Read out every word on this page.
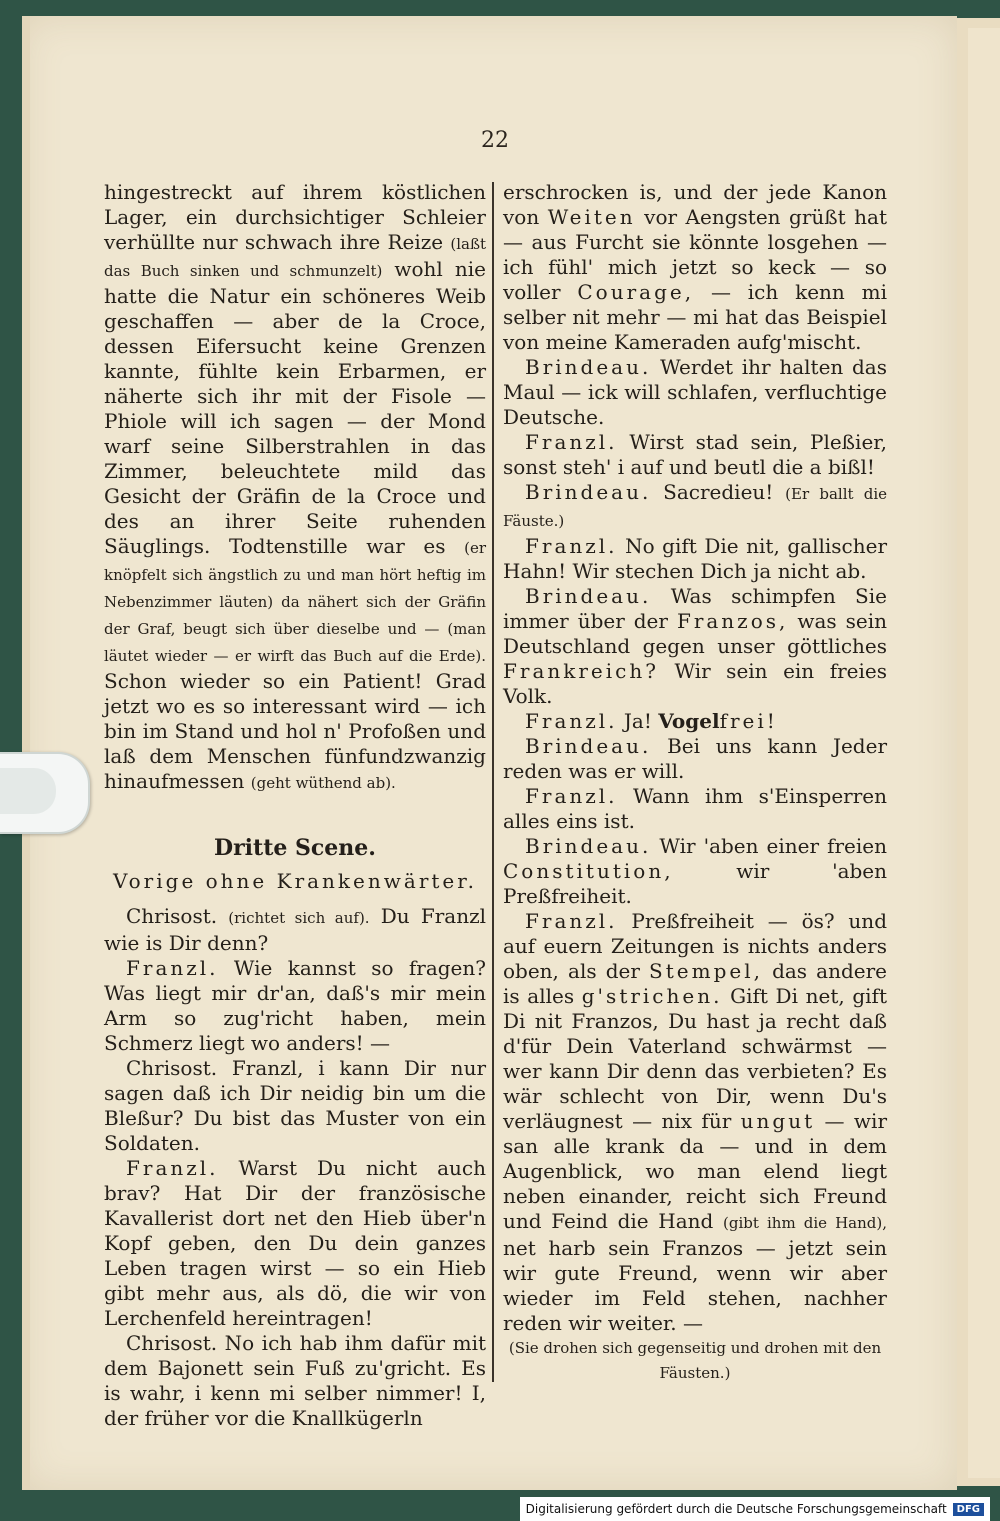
22

hingestreckt auf ihrem köstlichen Lager, ein durchsichtiger Schleier verhüllte nur schwach ihre Reize (laßt das Buch sinken und schmunzelt) wohl nie hatte die Natur ein schöneres Weib geschaffen — aber de la Croce, dessen Eifersucht keine Grenzen kannte, fühlte kein Erbarmen, er näherte sich ihr mit der Fisole — Phiole will ich sagen — der Mond warf seine Silberstrahlen in das Zimmer, beleuchtete mild das Gesicht der Gräfin de la Croce und des an ihrer Seite ruhenden Säuglings. Todtenstille war es (er knöpfelt sich ängstlich zu und man hört heftig im Nebenzimmer läuten) da nähert sich der Gräfin der Graf, beugt sich über dieselbe und — (man läutet wieder — er wirft das Buch auf die Erde). Schon wieder so ein Patient! Grad jetzt wo es so interessant wird — ich bin im Stand und hol n' Profoßen und laß dem Menschen fünfundzwanzig hinaufmessen (geht wüthend ab).

Dritte Scene.

Vorige ohne Krankenwärter.

Chrisost. (richtet sich auf). Du Franzl wie is Dir denn?

Franzl. Wie kannst so fragen? Was liegt mir dr'an, daß's mir mein Arm so zug'richt haben, mein Schmerz liegt wo anders! —

Chrisost. Franzl, i kann Dir nur sagen daß ich Dir neidig bin um die Bleßur? Du bist das Muster von ein Soldaten.

Franzl. Warst Du nicht auch brav? Hat Dir der französische Kavallerist dort net den Hieb über'n Kopf geben, den Du dein ganzes Leben tragen wirst — so ein Hieb gibt mehr aus, als dö, die wir von Lerchenfeld hereintragen!

Chrisost. No ich hab ihm dafür mit dem Bajonett sein Fuß zu'gricht. Es is wahr, i kenn mi selber nimmer! I, der früher vor die Knallkügerln

erschrocken is, und der jede Kanon von Weiten vor Aengsten grüßt hat — aus Furcht sie könnte losgehen — ich fühl' mich jetzt so keck — so voller Courage, — ich kenn mi selber nit mehr — mi hat das Beispiel von meine Kameraden aufg'mischt.

Brindeau. Werdet ihr halten das Maul — ick will schlafen, verfluchtige Deutsche.

Franzl. Wirst stad sein, Pleßier, sonst steh' i auf und beutl die a bißl!

Brindeau. Sacredieu! (Er ballt die Fäuste.)

Franzl. No gift Die nit, gallischer Hahn! Wir stechen Dich ja nicht ab.

Brindeau. Was schimpfen Sie immer über der Franzos, was sein Deutschland gegen unser göttliches Frankreich? Wir sein ein freies Volk.

Franzl. Ja! Vogelfrei!

Brindeau. Bei uns kann Jeder reden was er will.

Franzl. Wann ihm s'Einsperren alles eins ist.

Brindeau. Wir 'aben einer freien Constitution,	wir 'aben Preßfreiheit.

Franzl. Preßfreiheit — ös? und auf euern Zeitungen is nichts anders oben, als der Stempel, das andere is alles g'strichen. Gift Di net, gift Di nit Franzos, Du hast ja recht daß d'für Dein Vaterland schwärmst — wer kann Dir denn das verbieten? Es wär schlecht von Dir, wenn Du's verläugnest — nix für ungut — wir san alle krank da — und in dem Augenblick, wo man elend liegt neben einander, reicht sich Freund und Feind die Hand (gibt ihm die Hand), net harb sein Franzos — jetzt sein wir gute Freund, wenn wir aber wieder im Feld stehen, nachher reden wir weiter. —

(Sie drohen sich gegenseitig und drohen mit den Fäusten.)

Digitalisierung gefördert durch die Deutsche Forschungsgemeinschaft	DFG
